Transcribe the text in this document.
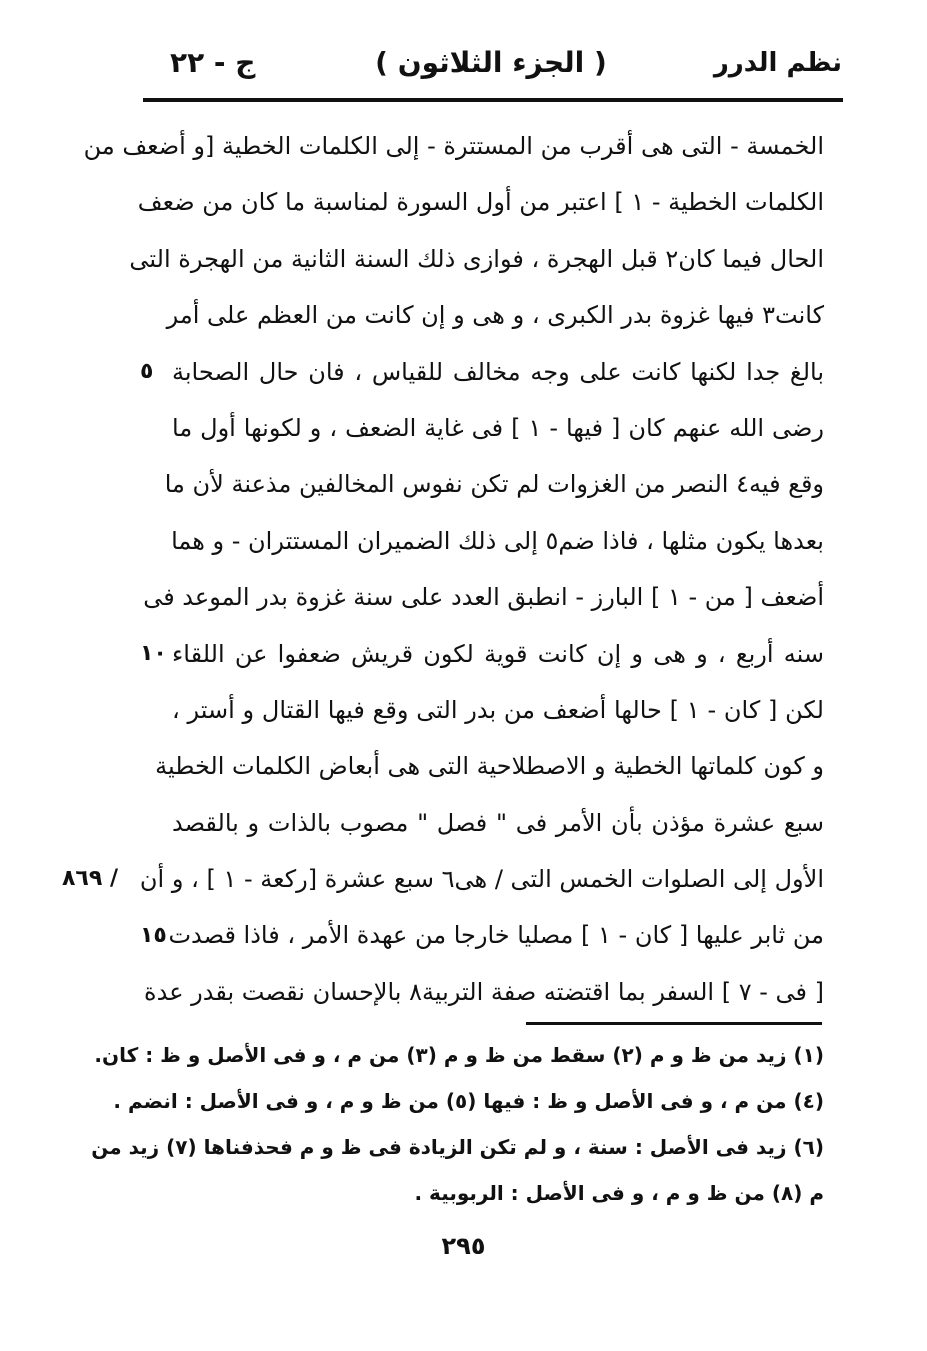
نظم الدرر
( الجزء الثلاثون )
ج - ٢٢
الخمسة - التى هى أقرب من المستترة - إلى الكلمات الخطية [و أضعف من
الكلمات الخطية - ١ ] اعتبر من أول السورة لمناسبة ما كان من ضعف
الحال فيما كان٢ قبل الهجرة ، فوازى ذلك السنة الثانية من الهجرة التى
كانت٣ فيها غزوة بدر الكبرى ، و هى و إن كانت من العظم على أمر
بالغ جدا لكنها كانت على وجه مخالف للقياس ، فان حال الصحابة
رضى الله عنهم كان [ فيها - ١ ] فى غاية الضعف ، و لكونها أول ما
وقع فيه٤ النصر من الغزوات لم تكن نفوس المخالفين مذعنة لأن ما
بعدها يكون مثلها ، فاذا ضم٥ إلى ذلك الضميران المستتران - و هما
أضعف [ من - ١ ] البارز - انطبق العدد على سنة غزوة بدر الموعد فى
سنه أربع ، و هى و إن كانت قوية لكون قريش ضعفوا عن اللقاء
لكن [ كان - ١ ] حالها أضعف من بدر التى وقع فيها القتال و أستر ،
و كون كلماتها الخطية و الاصطلاحية التى هى أبعاض الكلمات الخطية
سبع عشرة مؤذن بأن الأمر فى " فصل " مصوب بالذات و بالقصد
الأول إلى الصلوات الخمس التى / هى٦ سبع عشرة [ركعة - ١ ] ، و أن
من ثابر عليها [ كان - ١ ] مصليا خارجا من عهدة الأمر ، فاذا قصدت
[ فى - ٧ ] السفر بما اقتضته صفة التربية٨ بالإحسان نقصت بقدر عدة
٥
١٠
١٥
/ ٨٦٩
(١) زيد من ظ و م (٢) سقط من ظ و م (٣) من م ، و فى الأصل و ظ : كان.
(٤) من م ، و فى الأصل و ظ : فيها (٥) من ظ و م ، و فى الأصل : انضم .
(٦) زيد فى الأصل : سنة ، و لم تكن الزيادة فى ظ و م فحذفناها (٧) زيد من
م (٨) من ظ و م ، و فى الأصل : الربوبية .
٢٩٥
